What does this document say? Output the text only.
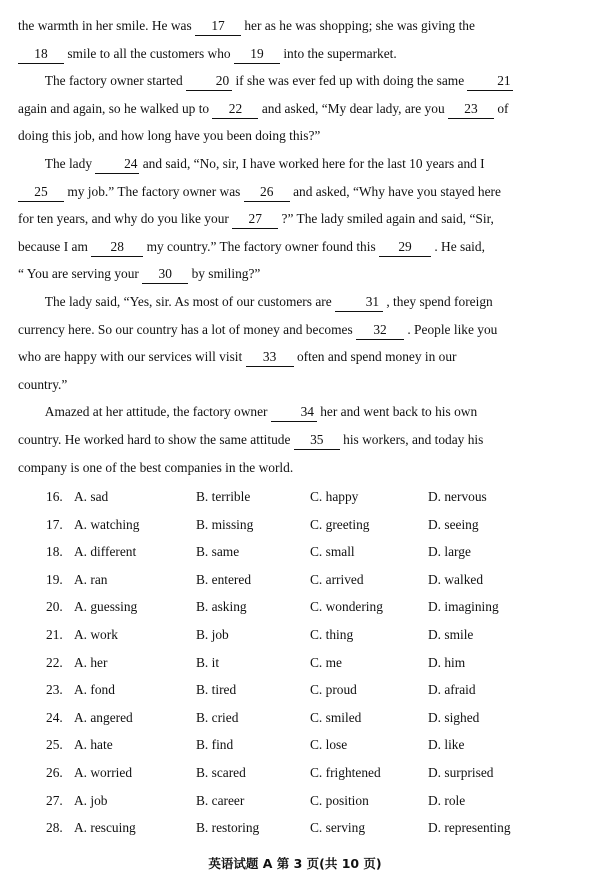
the warmth in her smile. He was 17 her as he was shopping; she was giving the
18 smile to all the customers who 19 into the supermarket.
The factory owner started 20 if she was ever fed up with doing the same 21
again and again, so he walked up to 22 and asked, “My dear lady, are you 23 of
doing this job, and how long have you been doing this?”
The lady 24 and said, “No, sir, I have worked here for the last 10 years and I
25 my job.” The factory owner was 26 and asked, “Why have you stayed here
for ten years, and why do you like your 27 ?” The lady smiled again and said, “Sir,
because I am 28 my country.” The factory owner found this 29 . He said,
“ You are serving your 30 by smiling?”
The lady said, “Yes, sir. As most of our customers are 31 , they spend foreign
currency here. So our country has a lot of money and becomes 32 . People like you
who are happy with our services will visit 33 often and spend money in our
country.”
Amazed at her attitude, the factory owner 34 her and went back to his own
country. He worked hard to show the same attitude 35 his workers, and today his
company is one of the best companies in the world.
16. A. sad	B. terrible	C. happy	D. nervous
17. A. watching	B. missing	C. greeting	D. seeing
18. A. different	B. same	C. small	D. large
19. A. ran	B. entered	C. arrived	D. walked
20. A. guessing	B. asking	C. wondering	D. imagining
21. A. work	B. job	C. thing	D. smile
22. A. her	B. it	C. me	D. him
23. A. fond	B. tired	C. proud	D. afraid
24. A. angered	B. cried	C. smiled	D. sighed
25. A. hate	B. find	C. lose	D. like
26. A. worried	B. scared	C. frightened	D. surprised
27. A. job	B. career	C. position	D. role
28. A. rescuing	B. restoring	C. serving	D. representing
英语试题 A 第 3 页(共 10 页)
